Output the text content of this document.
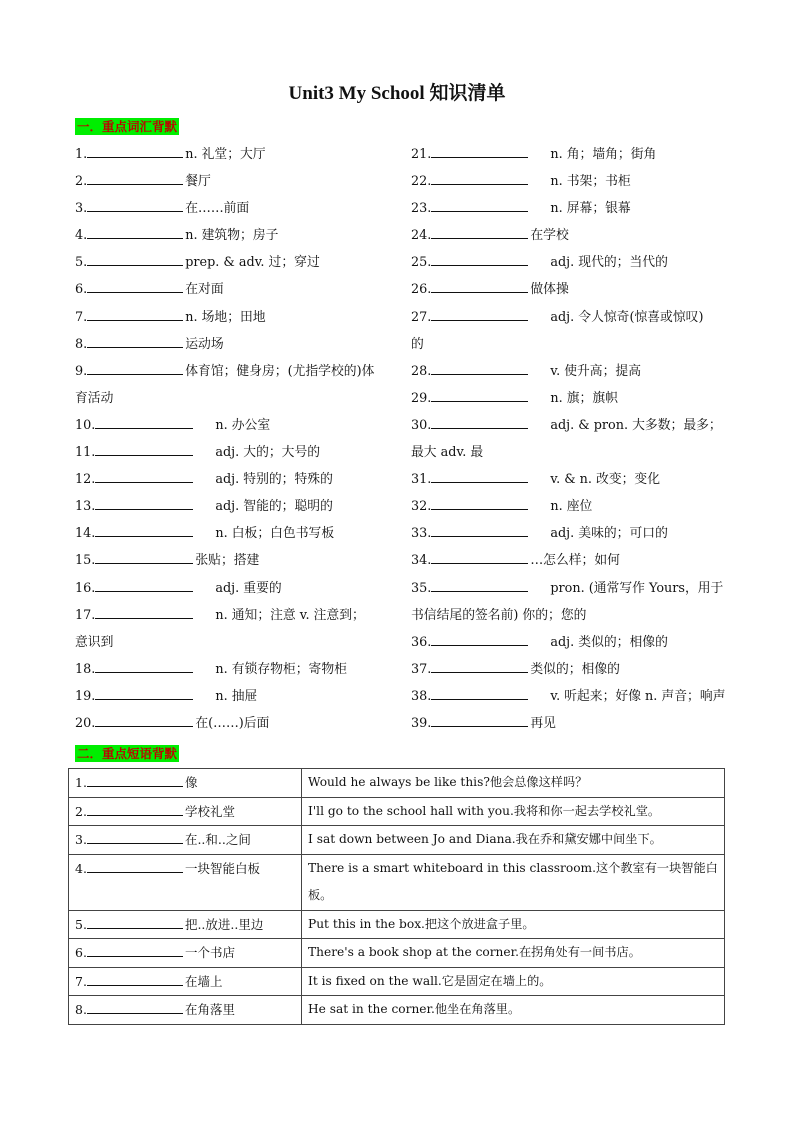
Unit3 My School 知识清单
一．重点词汇背默
1.	n. 礼堂；大厅
2.	餐厅
3.	在……前面
4.	n. 建筑物；房子
5.	prep. & adv. 过；穿过
6.	在对面
7.	n. 场地；田地
8.	运动场
9.	体育馆；健身房；(尤指学校的)体
育活动
10.	n. 办公室
11.	adj. 大的；大号的
12.	adj. 特别的；特殊的
13.	adj. 智能的；聪明的
14.	n. 白板；白色书写板
15.	张贴；搭建
16.	adj. 重要的
17.	n. 通知；注意 v. 注意到；
意识到
18.	n. 有锁存物柜；寄物柜
19.	n. 抽屉
20.	在(……)后面
21.	n. 角；墙角；街角
22.	n. 书架；书柜
23.	n. 屏幕；银幕
24.	在学校
25.	adj. 现代的；当代的
26.	做体操
27.	adj. 令人惊奇(惊喜或惊叹)
的
28.	v. 使升高；提高
29.	n. 旗；旗帜
30.	adj. & pron. 大多数；最多；
最大 adv. 最
31.	v. & n. 改变；变化
32.	n. 座位
33.	adj. 美味的；可口的
34.	…怎么样；如何
35.	pron. (通常写作 Yours，用于
书信结尾的签名前) 你的；您的
36.	adj. 类似的；相像的
37.	类似的；相像的
38.	v. 听起来；好像 n. 声音；响声
39.	再见
二．重点短语背默
1. 像	Would he always be like this?他会总像这样吗？
2. 学校礼堂	I'll go to the school hall with you.我将和你一起去学校礼堂。
3. 在..和..之间	I sat down between Jo and Diana.我在乔和黛安娜中间坐下。
4. 一块智能白板	There is a smart whiteboard in this classroom.这个教室有一块智能白板。
5. 把..放进..里边	Put this in the box.把这个放进盒子里。
6. 一个书店	There's a book shop at the corner.在拐角处有一间书店。
7. 在墙上	It is fixed on the wall.它是固定在墙上的。
8. 在角落里	He sat in the corner.他坐在角落里。
